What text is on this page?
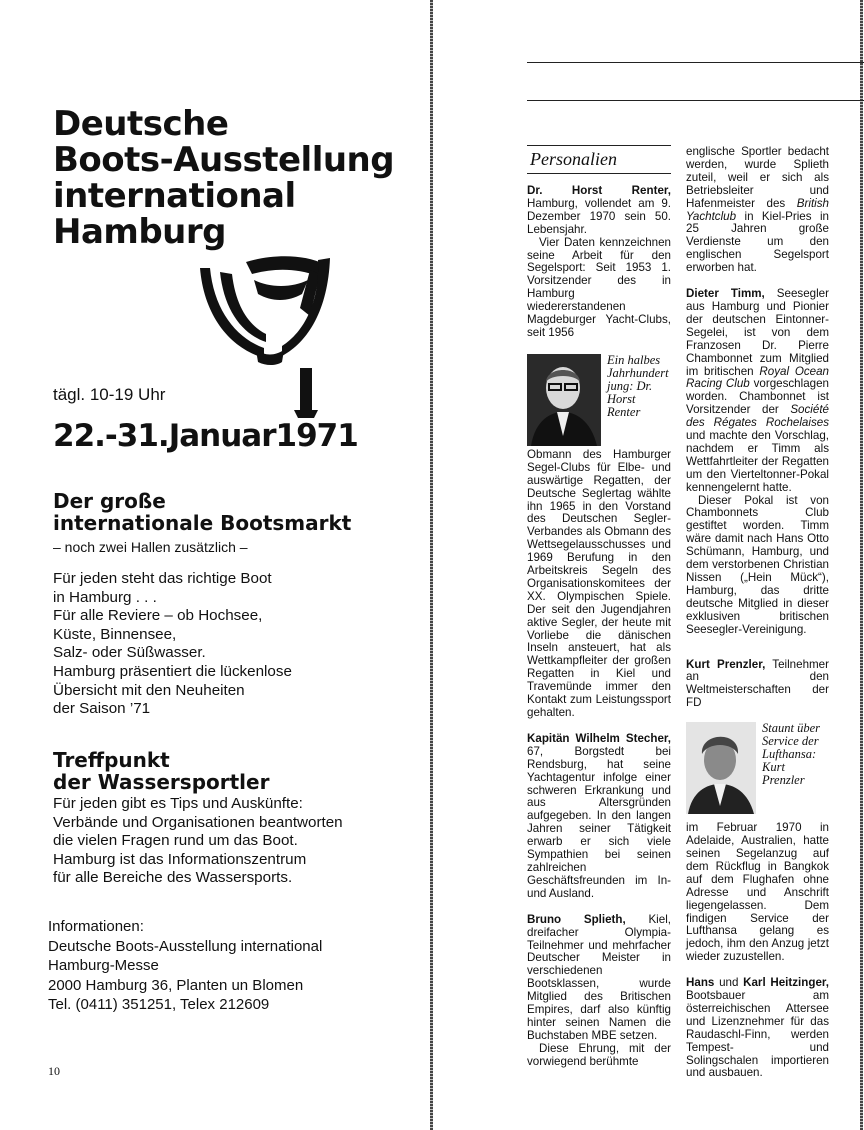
Deutsche
Boots-Ausstellung
international
Hamburg
tägl. 10-19 Uhr
22.-31.Januar1971
Der große
internationale Bootsmarkt
– noch zwei Hallen zusätzlich –
Für jeden steht das richtige Boot
in Hamburg . . .
Für alle Reviere – ob Hochsee,
Küste, Binnensee,
Salz- oder Süßwasser.
Hamburg präsentiert die lückenlose
Übersicht mit den Neuheiten
der Saison ’71
Treffpunkt
der Wassersportler
Für jeden gibt es Tips und Auskünfte:
Verbände und Organisationen beantworten
die vielen Fragen rund um das Boot.
Hamburg ist das Informationszentrum
für alle Bereiche des Wassersports.
Informationen:
Deutsche Boots-Ausstellung international
Hamburg-Messe
2000 Hamburg 36, Planten un Blomen
Tel. (0411) 351251, Telex 212609
10
Personalien

Dr. Horst Renter, Hamburg, vollendet am 9. Dezember 1970 sein 50. Lebensjahr.

Vier Daten kennzeichnen seine Arbeit für den Segelsport: Seit 1953 1. Vorsitzender des in Hamburg wiedererstandenen Magdeburger Yacht-Clubs, seit 1956

Ein halbes Jahrhundert jung: Dr. Horst Renter

Obmann des Hamburger Segel-Clubs für Elbe- und auswärtige Regatten, der Deutsche Seglertag wählte ihn 1965 in den Vorstand des Deutschen Segler-Verbandes als Obmann des Wettsegelausschusses und 1969 Berufung in den Arbeitskreis Segeln des Organisationskomitees der XX. Olympischen Spiele. Der seit den Jugendjahren aktive Segler, der heute mit Vorliebe die dänischen Inseln ansteuert, hat als Wettkampfleiter der großen Regatten in Kiel und Travemünde immer den Kontakt zum Leistungssport gehalten.

Kapitän Wilhelm Stecher, 67, Borgstedt bei Rendsburg, hat seine Yachtagentur infolge einer schweren Erkrankung und aus Altersgründen aufgegeben. In den langen Jahren seiner Tätigkeit erwarb er sich viele Sympathien bei seinen zahlreichen Geschäftsfreunden im In- und Ausland.

Bruno Splieth, Kiel, dreifacher Olympia-Teilnehmer und mehrfacher Deutscher Meister in verschiedenen Bootsklassen, wurde Mitglied des Britischen Empires, darf also künftig hinter seinen Namen die Buchstaben MBE setzen.

Diese Ehrung, mit der vorwiegend berühmte

englische Sportler bedacht werden, wurde Splieth zuteil, weil er sich als Betriebsleiter und Hafenmeister des British Yachtclub in Kiel-Pries in 25 Jahren große Verdienste um den englischen Segelsport erworben hat.

Dieter Timm, Seesegler aus Hamburg und Pionier der deutschen Eintonner-Segelei, ist von dem Franzosen Dr. Pierre Chambonnet zum Mitglied im britischen Royal Ocean Racing Club vorgeschlagen worden. Chambonnet ist Vorsitzender der Société des Régates Rochelaises und machte den Vorschlag, nachdem er Timm als Wettfahrtleiter der Regatten um den Vierteltonner-Pokal kennengelernt hatte.

Dieser Pokal ist von Chambonnets Club gestiftet worden. Timm wäre damit nach Hans Otto Schümann, Hamburg, und dem verstorbenen Christian Nissen („Hein Mück“), Hamburg, das dritte deutsche Mitglied in dieser exklusiven britischen Seesegler-Vereinigung.

Kurt Prenzler, Teilnehmer an den Weltmeisterschaften der FD

Staunt über Service der Lufthansa: Kurt Prenzler

im Februar 1970 in Adelaide, Australien, hatte seinen Segelanzug auf dem Rückflug in Bangkok auf dem Flughafen ohne Adresse und Anschrift liegengelassen. Dem findigen Service der Lufthansa gelang es jedoch, ihm den Anzug jetzt wieder zuzustellen.

Hans und Karl Heitzinger, Bootsbauer am österreichischen Attersee und Lizenznehmer für das Raudaschl-Finn, werden Tempest- und Solingschalen importieren und ausbauen.
